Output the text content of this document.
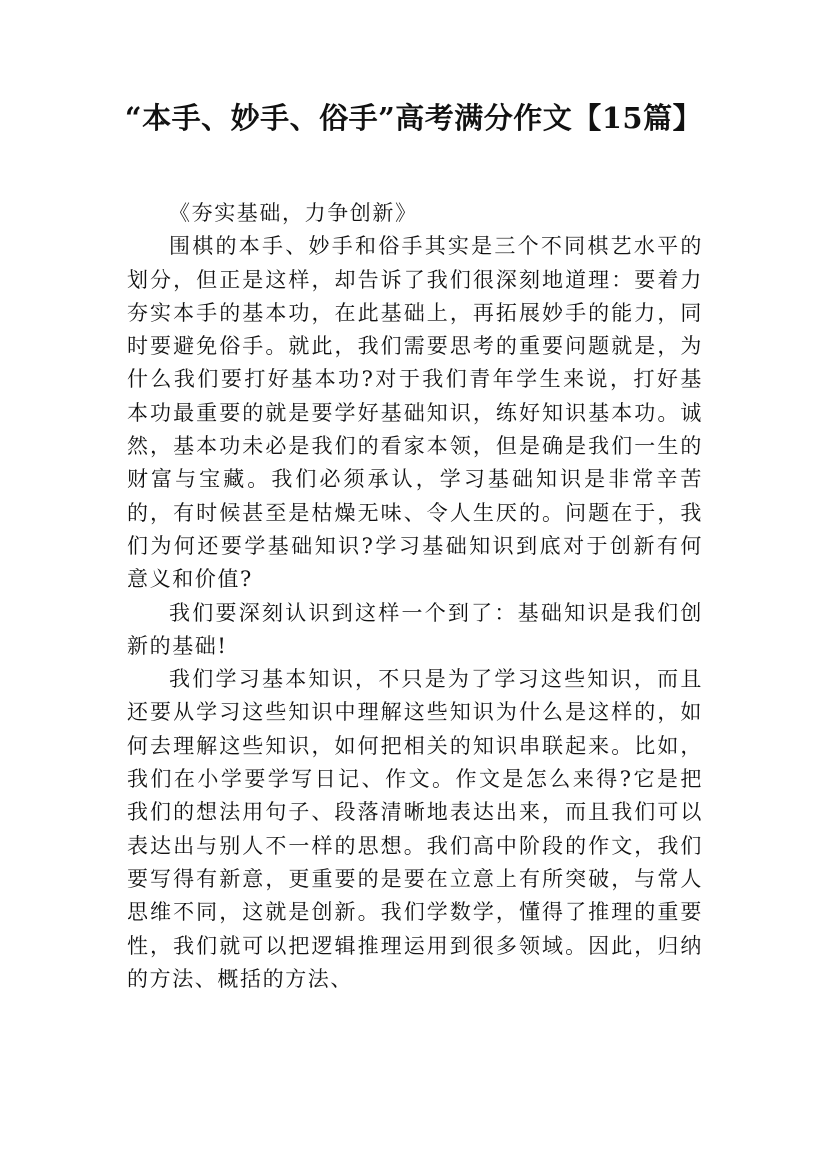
“本手、妙手、俗手”高考满分作文【15篇】

《夯实基础，力争创新》

围棋的本手、妙手和俗手其实是三个不同棋艺水平的划分，但正是这样，却告诉了我们很深刻地道理：要着力夯实本手的基本功，在此基础上，再拓展妙手的能力，同时要避免俗手。就此，我们需要思考的重要问题就是，为什么我们要打好基本功?对于我们青年学生来说，打好基本功最重要的就是要学好基础知识，练好知识基本功。诚然，基本功未必是我们的看家本领，但是确是我们一生的财富与宝藏。我们必须承认，学习基础知识是非常辛苦的，有时候甚至是枯燥无味、令人生厌的。问题在于，我们为何还要学基础知识?学习基础知识到底对于创新有何意义和价值?

我们要深刻认识到这样一个到了：基础知识是我们创新的基础!

我们学习基本知识，不只是为了学习这些知识，而且还要从学习这些知识中理解这些知识为什么是这样的，如何去理解这些知识，如何把相关的知识串联起来。比如，我们在小学要学写日记、作文。作文是怎么来得?它是把我们的想法用句子、段落清晰地表达出来，而且我们可以表达出与别人不一样的思想。我们高中阶段的作文，我们要写得有新意，更重要的是要在立意上有所突破，与常人思维不同，这就是创新。我们学数学，懂得了推理的重要性，我们就可以把逻辑推理运用到很多领域。因此，归纳的方法、概括的方法、
